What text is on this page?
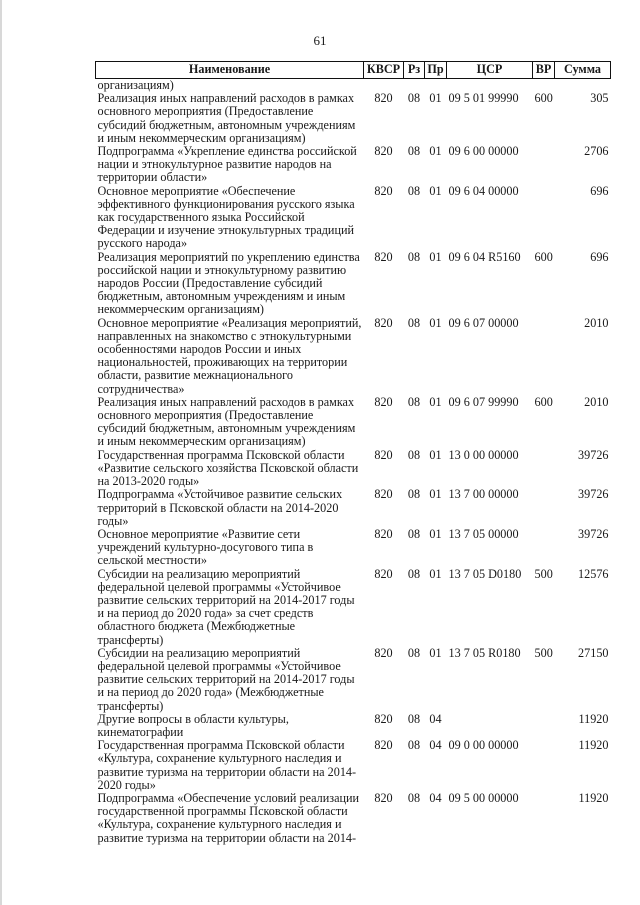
61
Наименование	КВСР	Рз	Пр	ЦСР	ВР	Сумма
организациям)						
Реализация иных направлений расходов в рамках основного мероприятия (Предоставление субсидий бюджетным, автономным учреждениям и иным некоммерческим организациям)	820	08	01	09 5 01 99990	600	305
Подпрограмма «Укрепление единства российской нации и этнокультурное развитие народов на территории области»	820	08	01	09 6 00 00000		2706
Основное мероприятие «Обеспечение эффективного функционирования русского языка как государственного языка Российской Федерации и изучение этнокультурных традиций русского народа»	820	08	01	09 6 04 00000		696
Реализация мероприятий по укреплению единства российской нации и этнокультурному развитию народов России (Предоставление субсидий бюджетным, автономным учреждениям и иным некоммерческим организациям)	820	08	01	09 6 04 R5160	600	696
Основное мероприятие «Реализация мероприятий, направленных на знакомство с этнокультурными особенностями народов России и иных национальностей, проживающих на территории области, развитие межнационального сотрудничества»	820	08	01	09 6 07 00000		2010
Реализация иных направлений расходов в рамках основного мероприятия (Предоставление субсидий бюджетным, автономным учреждениям и иным некоммерческим организациям)	820	08	01	09 6 07 99990	600	2010
Государственная программа Псковской области «Развитие сельского хозяйства Псковской области на 2013-2020 годы»	820	08	01	13 0 00 00000		39726
Подпрограмма «Устойчивое развитие сельских территорий в Псковской области на 2014-2020 годы»	820	08	01	13 7 00 00000		39726
Основное мероприятие «Развитие сети учреждений культурно-досугового типа в сельской местности»	820	08	01	13 7 05 00000		39726
Субсидии на реализацию мероприятий федеральной целевой программы «Устойчивое развитие сельских территорий на 2014-2017 годы и на период до 2020 года» за счет средств областного бюджета (Межбюджетные трансферты)	820	08	01	13 7 05 D0180	500	12576
Субсидии на реализацию мероприятий федеральной целевой программы «Устойчивое развитие сельских территорий на 2014-2017 годы и на период до 2020 года» (Межбюджетные трансферты)	820	08	01	13 7 05 R0180	500	27150
Другие вопросы в области культуры, кинематографии	820	08	04			11920
Государственная программа Псковской области «Культура, сохранение культурного наследия и развитие туризма на территории области на 2014-2020 годы»	820	08	04	09 0 00 00000		11920
Подпрограмма «Обеспечение условий реализации государственной программы Псковской области «Культура, сохранение культурного наследия и развитие туризма на территории области на 2014-	820	08	04	09 5 00 00000		11920
